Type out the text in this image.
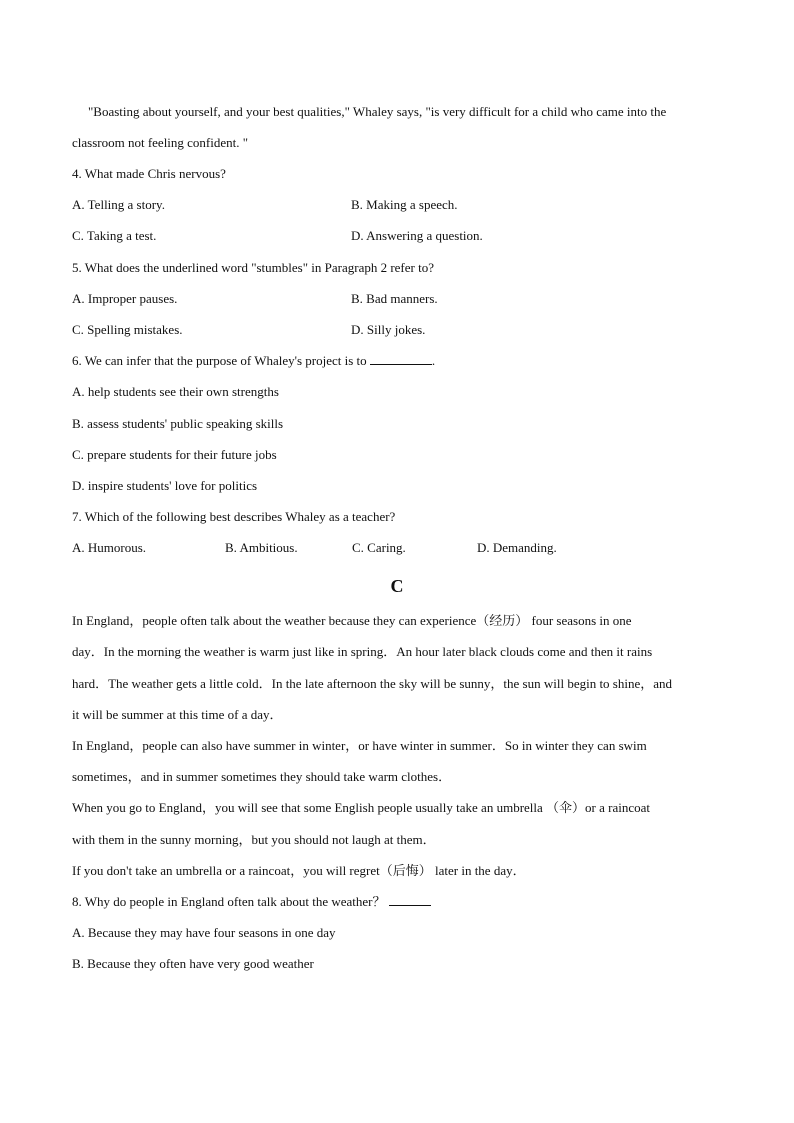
"Boasting about yourself, and your best qualities," Whaley says, "is very difficult for a child who came into the
classroom not feeling confident. "
4. What made Chris nervous?
A. Telling a story.	B. Making a speech.
C. Taking a test.	D. Answering a question.
5. What does the underlined word "stumbles" in Paragraph 2 refer to?
A. Improper pauses.	B. Bad manners.
C. Spelling mistakes.	D. Silly jokes.
6. We can infer that the purpose of Whaley's project is to	.
A. help students see their own strengths
B. assess students' public speaking skills
C. prepare students for their future jobs
D. inspire students' love for politics
7. Which of the following best describes Whaley as a teacher?
A. Humorous.	B. Ambitious.	C. Caring.	D. Demanding.
C
In England，people often talk about the weather because they can experience（经历） four seasons in one
day．In the morning the weather is warm just like in spring．An hour later black clouds come and then it rains
hard．The weather gets a little cold．In the late afternoon the sky will be sunny，the sun will begin to shine，and
it will be summer at this time of a day．
In England，people can also have summer in winter，or have winter in summer．So in winter they can swim
sometimes，and in summer sometimes they should take warm clothes．
When you go to England，you will see that some English people usually take an umbrella （伞）or a raincoat
with them in the sunny morning，but you should not laugh at them．
If you don't take an umbrella or a raincoat，you will regret（后悔） later in the day．
8. Why do people in England often talk about the weather？
A. Because they may have four seasons in one day
B. Because they often have very good weather
